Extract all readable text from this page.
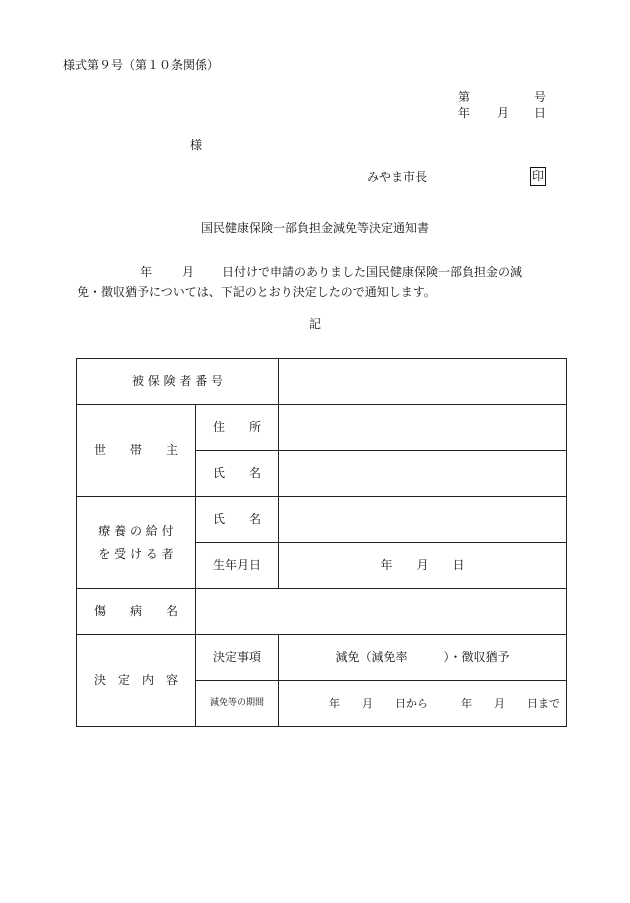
様式第９号（第１０条関係）
第	号
年 月 日
様
みやま市長	印
国民健康保険一部負担金減免等決定通知書
年	月 日付けで申請のありました国民健康保険一部負担金の減
免・徴収猶予については、下記のとおり決定したので通知します。
記
被 保 険 者 番 号		
世　　帯　　主	住　　所	
	氏　　名	

療 養 の 給 付
を 受 け る 者	氏　　名	
	生年月日	年　　月　　日
傷　　病　　名		
決　定　内　容	決定事項	減免（減免率　　　）・徴収猶予
	減免等の期間	年　　月　　日から　　　年　　月　　日まで
